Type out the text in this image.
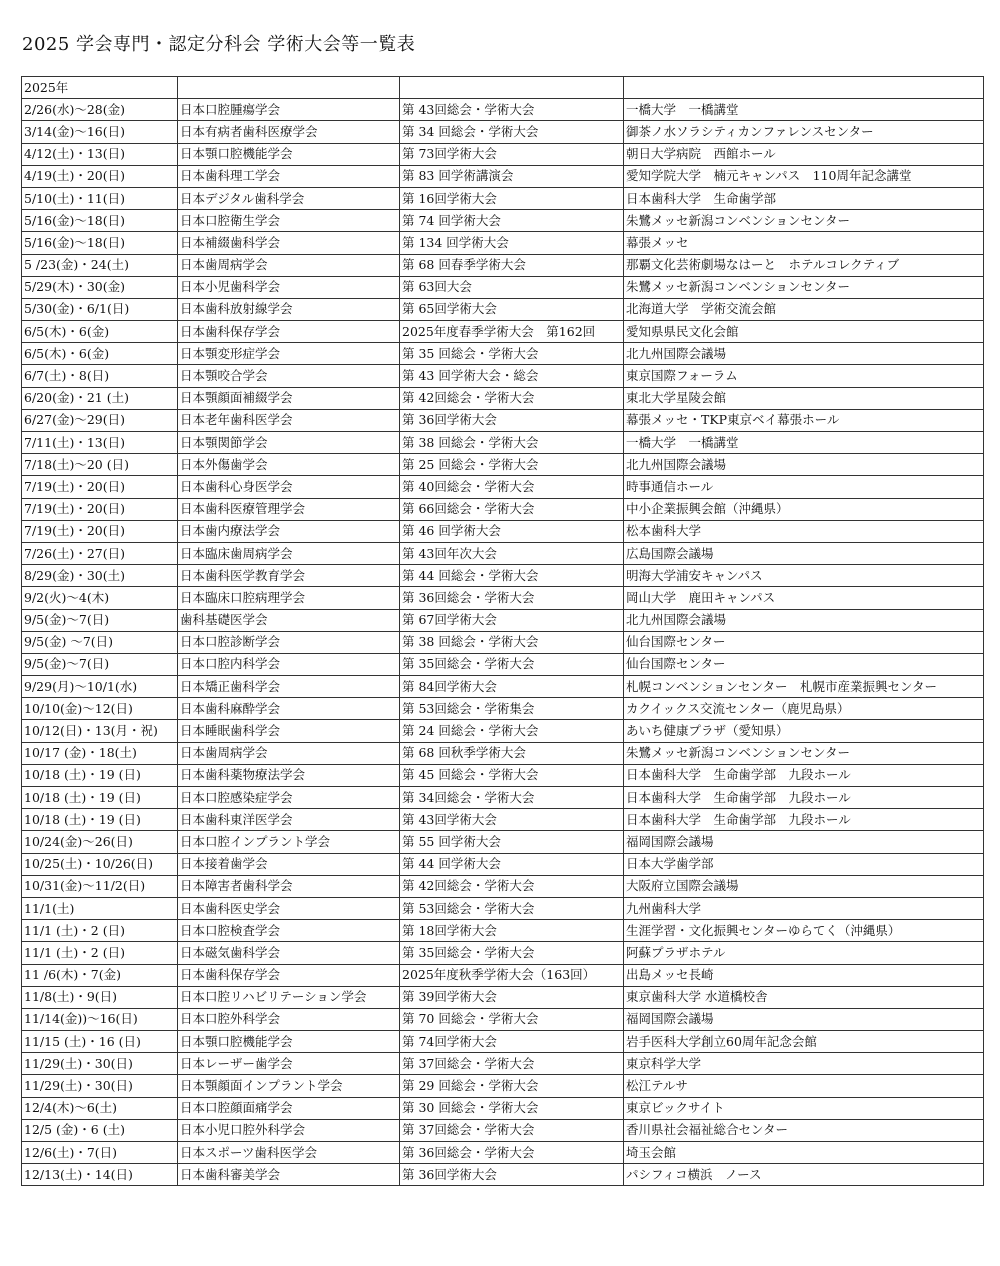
2025 学会専門・認定分科会 学術大会等一覧表
2025年			
2/26(水)〜28(金)	日本口腔腫瘍学会	第 43回総会・学術大会	一橋大学　一橋講堂
3/14(金)〜16(日)	日本有病者歯科医療学会	第 34 回総会・学術大会	御茶ノ水ソラシティカンファレンスセンター
4/12(土)・13(日)	日本顎口腔機能学会	第 73回学術大会	朝日大学病院　西館ホール
4/19(土)・20(日)	日本歯科理工学会	第 83 回学術講演会	愛知学院大学　楠元キャンパス　110周年記念講堂
5/10(土)・11(日)	日本デジタル歯科学会	第 16回学術大会	日本歯科大学　生命歯学部
5/16(金)〜18(日)	日本口腔衛生学会	第 74 回学術大会	朱鷺メッセ新潟コンベンションセンター
5/16(金)〜18(日)	日本補綴歯科学会	第 134 回学術大会	幕張メッセ
5 /23(金)・24(土)	日本歯周病学会	第 68 回春季学術大会	那覇文化芸術劇場なはーと　ホテルコレクティブ
5/29(木)・30(金)	日本小児歯科学会	第 63回大会	朱鷺メッセ新潟コンベンションセンター
5/30(金)・6/1(日)	日本歯科放射線学会	第 65回学術大会	北海道大学　学術交流会館
6/5(木)・6(金)	日本歯科保存学会	2025年度春季学術大会　第162回	愛知県県民文化会館
6/5(木)・6(金)	日本顎変形症学会	第 35 回総会・学術大会	北九州国際会議場
6/7(土)・8(日)	日本顎咬合学会	第 43 回学術大会・総会	東京国際フォーラム
6/20(金)・21 (土)	日本顎顔面補綴学会	第 42回総会・学術大会	東北大学星陵会館
6/27(金)〜29(日)	日本老年歯科医学会	第 36回学術大会	幕張メッセ・TKP東京ベイ幕張ホール
7/11(土)・13(日)	日本顎関節学会	第 38 回総会・学術大会	一橋大学　一橋講堂
7/18(土)〜20 (日)	日本外傷歯学会	第 25 回総会・学術大会	北九州国際会議場
7/19(土)・20(日)	日本歯科心身医学会	第 40回総会・学術大会	時事通信ホール
7/19(土)・20(日)	日本歯科医療管理学会	第 66回総会・学術大会	中小企業振興会館（沖縄県）
7/19(土)・20(日)	日本歯内療法学会	第 46 回学術大会	松本歯科大学
7/26(土)・27(日)	日本臨床歯周病学会	第 43回年次大会	広島国際会議場
8/29(金)・30(土)	日本歯科医学教育学会	第 44 回総会・学術大会	明海大学浦安キャンパス
9/2(火)〜4(木)	日本臨床口腔病理学会	第 36回総会・学術大会	岡山大学　鹿田キャンパス
9/5(金)〜7(日)	歯科基礎医学会	第 67回学術大会	北九州国際会議場
9/5(金) 〜7(日)	日本口腔診断学会	第 38 回総会・学術大会	仙台国際センター
9/5(金)〜7(日)	日本口腔内科学会	第 35回総会・学術大会	仙台国際センター
9/29(月)〜10/1(水)	日本矯正歯科学会	第 84回学術大会	札幌コンベンションセンター　札幌市産業振興センター
10/10(金)〜12(日)	日本歯科麻酔学会	第 53回総会・学術集会	カクイックス交流センター（鹿児島県）
10/12(日)・13(月・祝)	日本睡眠歯科学会	第 24 回総会・学術大会	あいち健康プラザ（愛知県）
10/17 (金)・18(土)	日本歯周病学会	第 68 回秋季学術大会	朱鷺メッセ新潟コンベンションセンター
10/18 (土)・19 (日)	日本歯科薬物療法学会	第 45 回総会・学術大会	日本歯科大学　生命歯学部　九段ホール
10/18 (土)・19 (日)	日本口腔感染症学会	第 34回総会・学術大会	日本歯科大学　生命歯学部　九段ホール
10/18 (土)・19 (日)	日本歯科東洋医学会	第 43回学術大会	日本歯科大学　生命歯学部　九段ホール
10/24(金)〜26(日)	日本口腔インプラント学会	第 55 回学術大会	福岡国際会議場
10/25(土)・10/26(日)	日本接着歯学会	第 44 回学術大会	日本大学歯学部
10/31(金)〜11/2(日)	日本障害者歯科学会	第 42回総会・学術大会	大阪府立国際会議場
11/1(土)	日本歯科医史学会	第 53回総会・学術大会	九州歯科大学
11/1 (土)・2 (日)	日本口腔検査学会	第 18回学術大会	生涯学習・文化振興センターゆらてく（沖縄県）
11/1 (土)・2 (日)	日本磁気歯科学会	第 35回総会・学術大会	阿蘇プラザホテル
11 /6(木)・7(金)	日本歯科保存学会	2025年度秋季学術大会（163回）	出島メッセ長崎
11/8(土)・9(日)	日本口腔リハビリテーション学会	第 39回学術大会	東京歯科大学 水道橋校舎
11/14(金))〜16(日)	日本口腔外科学会	第 70 回総会・学術大会	福岡国際会議場
11/15 (土)・16 (日)	日本顎口腔機能学会	第 74回学術大会	岩手医科大学創立60周年記念会館
11/29(土)・30(日)	日本レーザー歯学会	第 37回総会・学術大会	東京科学大学
11/29(土)・30(日)	日本顎顔面インプラント学会	第 29 回総会・学術大会	松江テルサ
12/4(木)〜6(土)	日本口腔顔面痛学会	第 30 回総会・学術大会	東京ビックサイト
12/5 (金)・6 (土)	日本小児口腔外科学会	第 37回総会・学術大会	香川県社会福祉総合センター
12/6(土)・7(日)	日本スポーツ歯科医学会	第 36回総会・学術大会	埼玉会館
12/13(土)・14(日)	日本歯科審美学会	第 36回学術大会	パシフィコ横浜　ノース
